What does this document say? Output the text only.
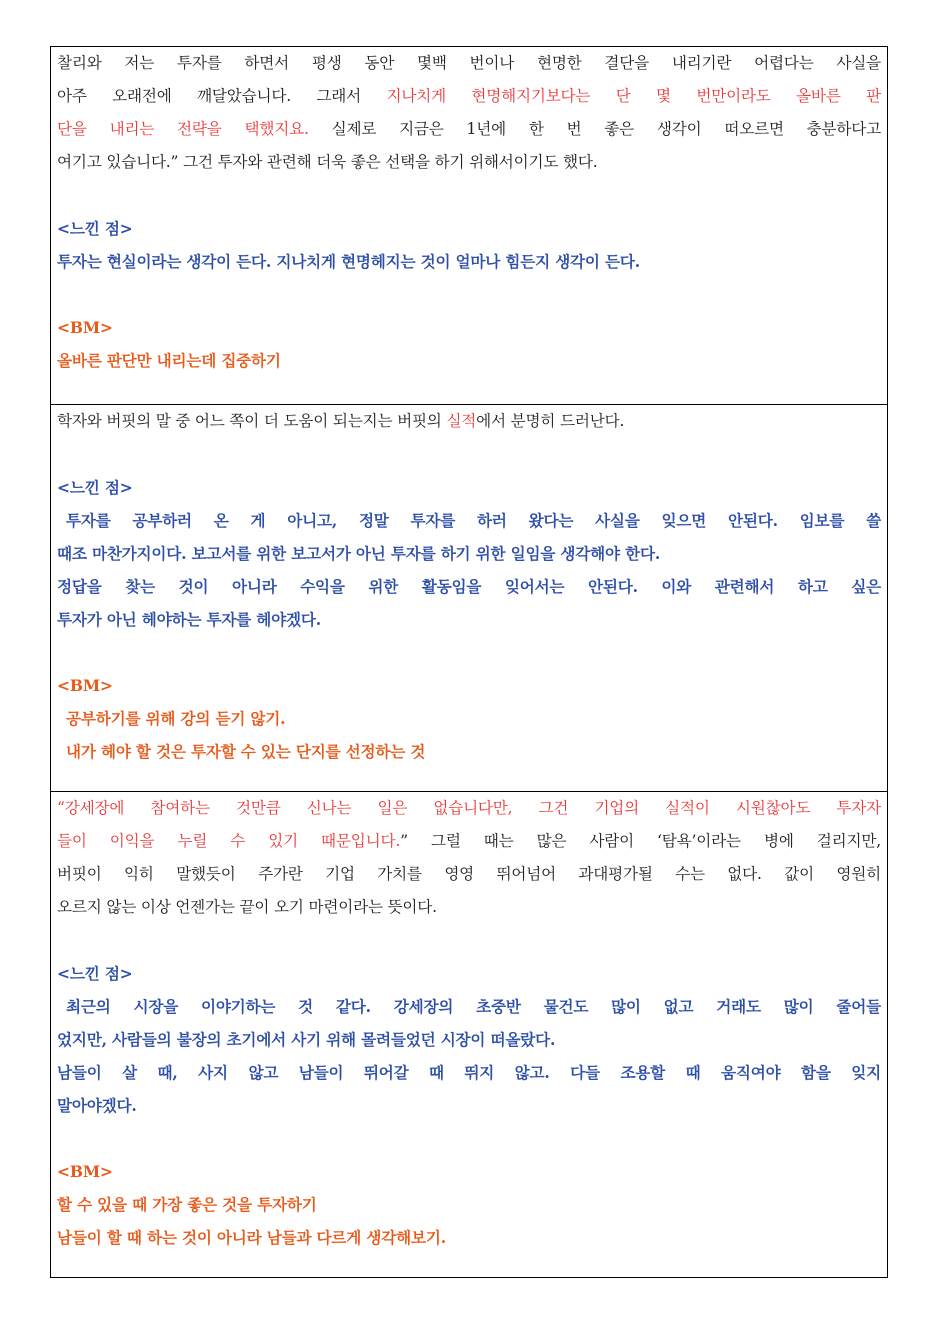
찰리와 저는 투자를 하면서 평생 동안 몇백 번이나 현명한 결단을 내리기란 어렵다는 사실을
아주 오래전에 깨달았습니다. 그래서 지나치게 현명해지기보다는 단 몇 번만이라도 올바른 판
단을 내리는 전략을 택했지요. 실제로 지금은 1년에 한 번 좋은 생각이 떠오르면 충분하다고
여기고 있습니다.” 그건 투자와 관련해 더욱 좋은 선택을 하기 위해서이기도 했다.
<느낀 점>
투자는 현실이라는 생각이 든다. 지나치게 현명헤지는 것이 얼마나 힘든지 생각이 든다.
<BM>
올바른 판단만 내리는데 집중하기
학자와 버핏의 말 중 어느 쪽이 더 도움이 되는지는 버핏의 실적에서 분명히 드러난다.
<느낀 점>
투자를 공부하러 온 게 아니고, 정말 투자를 하러 왔다는 사실을 잊으면 안된다. 임보를 쓸
때조 마찬가지이다. 보고서를 위한 보고서가 아닌 투자를 하기 위한 일임을 생각해야 한다.
정답을 찾는 것이 아니라 수익을 위한 활동임을 잊어서는 안된다. 이와 관련해서 하고 싶은
투자가 아닌 헤야하는 투자를 헤야겠다.
<BM>
공부하기를 위해 강의 듣기 않기.
내가 헤야 할 것은 투자할 수 있는 단지를 선정하는 것
“강세장에 참여하는 것만큼 신나는 일은 없습니다만, 그건 기업의 실적이 시원찮아도 투자자
들이 이익을 누릴 수 있기 때문입니다.” 그럴 때는 많은 사람이 ‘탐욕’이라는 병에 걸리지만,
버핏이 익히 말했듯이 주가란 기업 가치를 영영 뛰어넘어 과대평가될 수는 없다. 값이 영원히
오르지 않는 이상 언젠가는 끝이 오기 마련이라는 뜻이다.
<느낀 점>
최근의 시장을 이야기하는 것 같다. 강세장의 초중반 물건도 많이 없고 거래도 많이 줄어들
었지만, 사람들의 불장의 초기에서 사기 위해 몰려들었던 시장이 떠올랐다.
남들이 살 때, 사지 않고 남들이 뛰어갈 때 뛰지 않고. 다들 조용할 때 움직여야 함을 잊지
말아야겠다.
<BM>
할 수 있을 때 가장 좋은 것을 투자하기
남들이 할 때 하는 것이 아니라 남들과 다르게 생각해보기.
